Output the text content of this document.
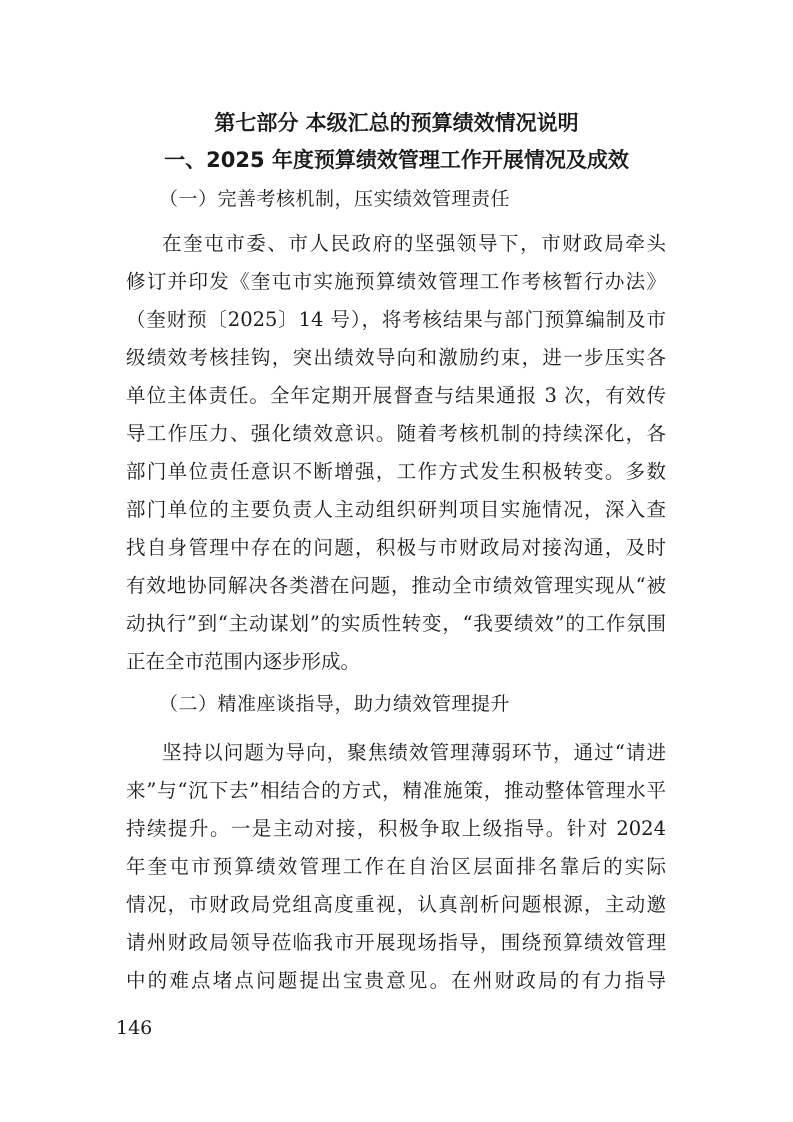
第七部分 本级汇总的预算绩效情况说明
一、2025 年度预算绩效管理工作开展情况及成效
（一）完善考核机制，压实绩效管理责任
在奎屯市委、市人民政府的坚强领导下，市财政局牵头
修订并印发《奎屯市实施预算绩效管理工作考核暂行办法》
（奎财预〔2025〕14 号），将考核结果与部门预算编制及市
级绩效考核挂钩，突出绩效导向和激励约束，进一步压实各
单位主体责任。全年定期开展督查与结果通报 3 次，有效传
导工作压力、强化绩效意识。随着考核机制的持续深化，各
部门单位责任意识不断增强，工作方式发生积极转变。多数
部门单位的主要负责人主动组织研判项目实施情况，深入查
找自身管理中存在的问题，积极与市财政局对接沟通，及时
有效地协同解决各类潜在问题，推动全市绩效管理实现从“被
动执行”到“主动谋划”的实质性转变，“我要绩效”的工作氛围
正在全市范围内逐步形成。
（二）精准座谈指导，助力绩效管理提升
坚持以问题为导向，聚焦绩效管理薄弱环节，通过“请进
来”与“沉下去”相结合的方式，精准施策，推动整体管理水平
持续提升。一是主动对接，积极争取上级指导。针对 2024
年奎屯市预算绩效管理工作在自治区层面排名靠后的实际
情况，市财政局党组高度重视，认真剖析问题根源，主动邀
请州财政局领导莅临我市开展现场指导，围绕预算绩效管理
中的难点堵点问题提出宝贵意见。在州财政局的有力指导
146
